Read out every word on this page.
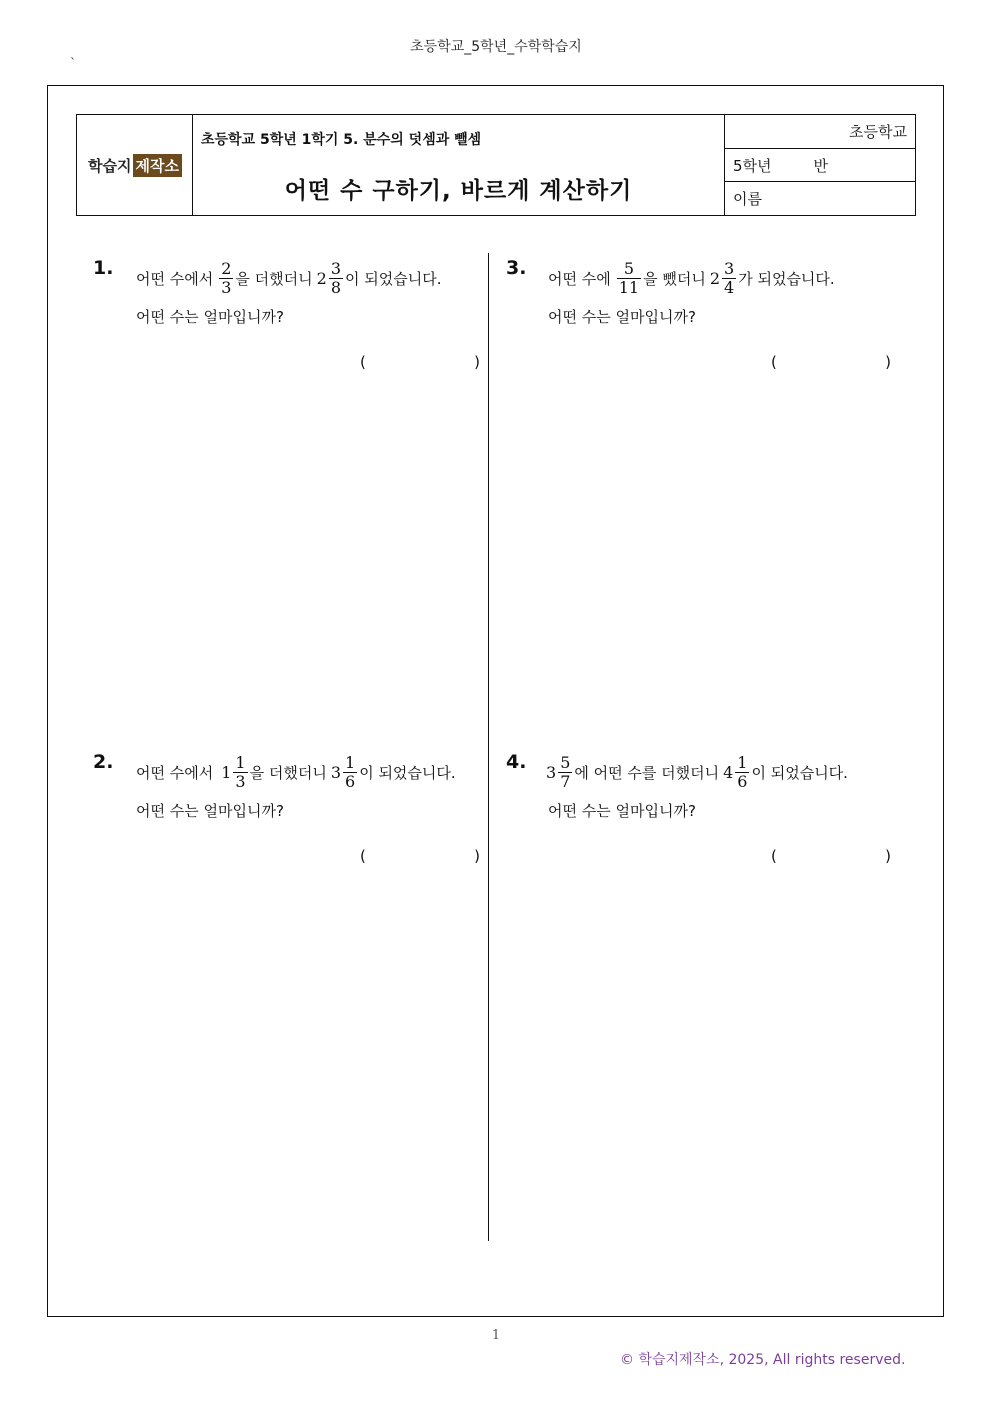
초등학교_5학년_수학학습지
`
학습지 제작소
초등학교 5학년 1학기 5. 분수의 덧셈과 뺄셈
어떤 수 구하기, 바르게 계산하기
초등학교
5학년	반
이름
1. 어떤 수에서 $\frac{2}{3}$ 을 더했더니 $2 \frac{3}{8}$ 이 되었습니다.
어떤 수는 얼마입니까?
(	)
3. 어떤 수에 $\frac{5}{11}$ 을 뺐더니 $2 \frac{3}{4}$ 가 되었습니다.
어떤 수는 얼마입니까?
(	)
2. 어떤 수에서 $1 \frac{1}{3}$ 을 더했더니 $3 \frac{1}{6}$ 이 되었습니다.
어떤 수는 얼마입니까?
(	)
4. $3 \frac{5}{7}$ 에 어떤 수를 더했더니 $4 \frac{1}{6}$ 이 되었습니다.
어떤 수는 얼마입니까?
(	)
1
© 학습지제작소, 2025, All rights reserved.
